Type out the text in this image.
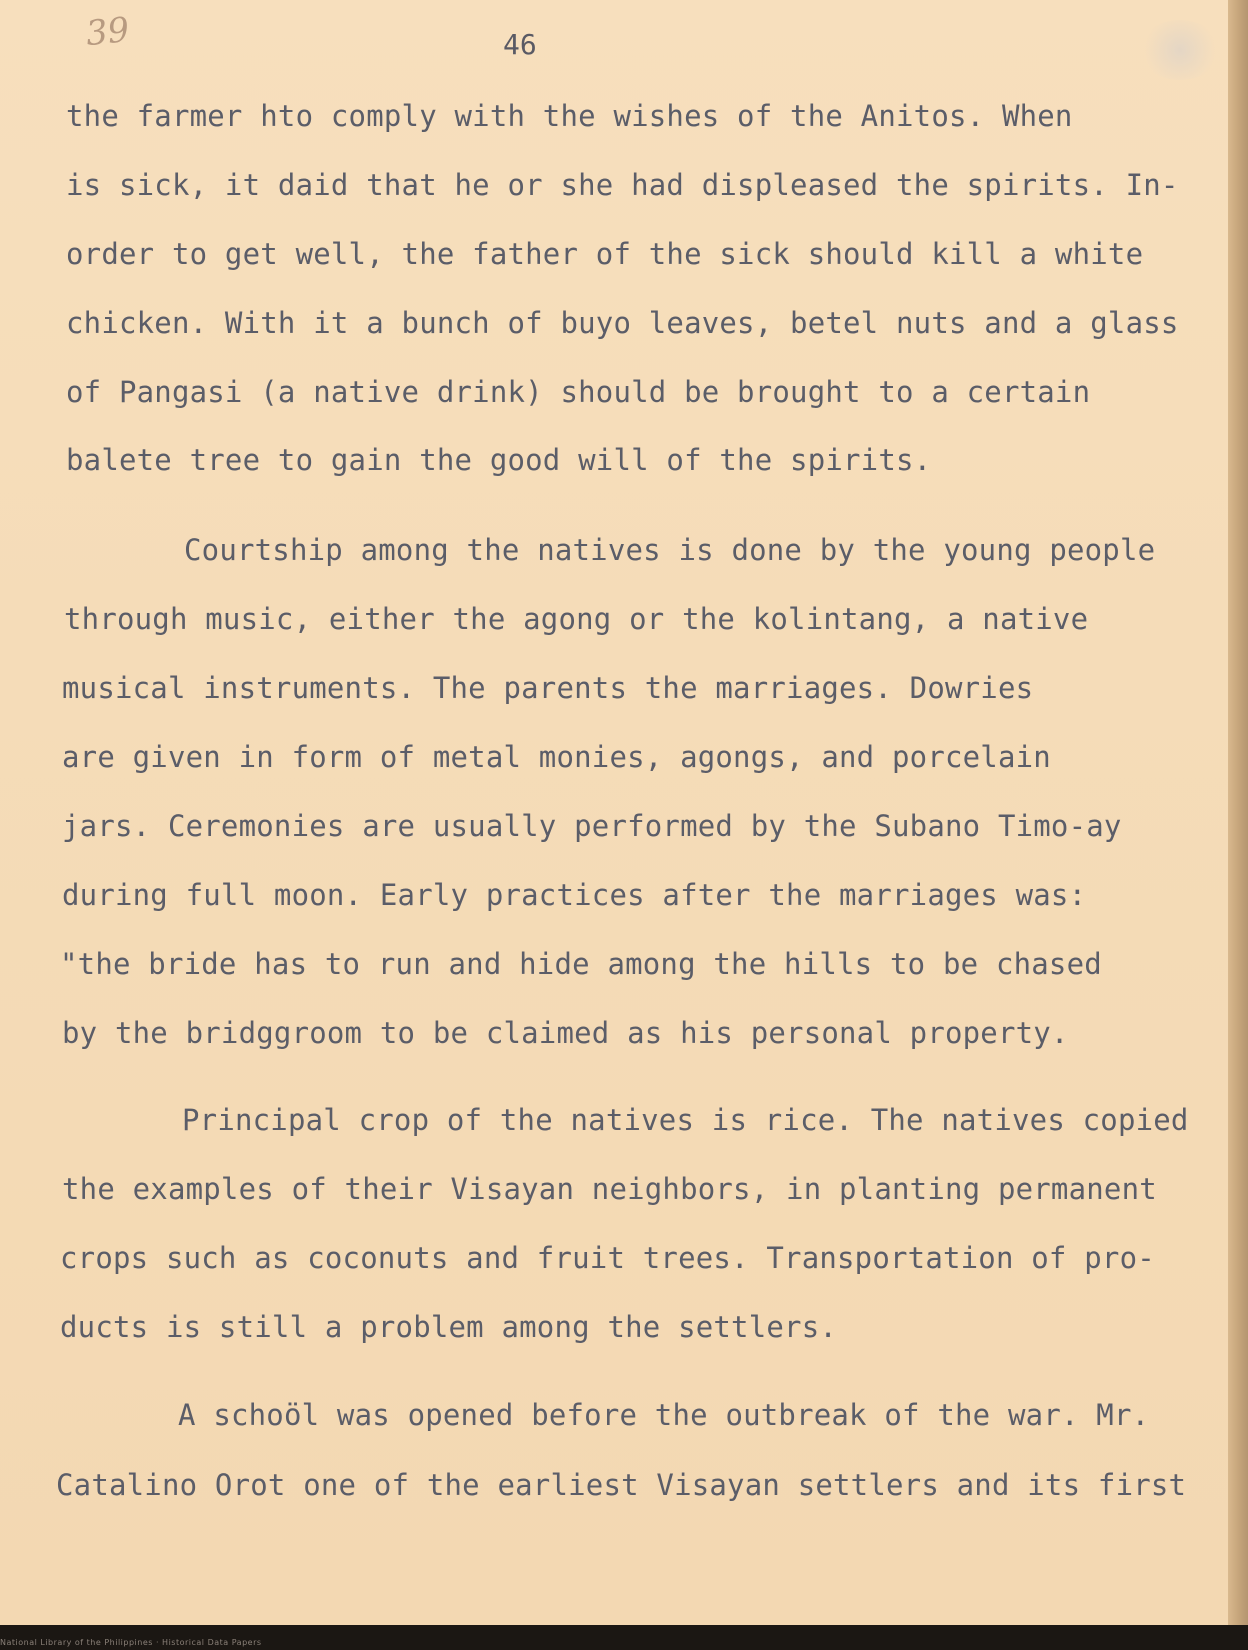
39	46
the farmer hto comply with the wishes of the Anitos. When
is sick, it daid that he or she had displeased the spirits. In-
order to get well, the father of the sick should kill a white
chicken. With it a bunch of buyo leaves, betel nuts and a glass
of Pangasi (a native drink) should be brought to a certain
balete tree to gain the good will of the spirits.
Courtship among the natives is done by the young people
through music, either the agong or the kolintang, a native
musical instruments. The parents the marriages. Dowries
are given in form of metal monies, agongs, and porcelain
jars. Ceremonies are usually performed by the Subano Timo-ay
during full moon. Early practices after the marriages was:
"the bride has to run and hide among the hills to be chased
by the bridggroom to be claimed as his personal property.
Principal crop of the natives is rice. The natives copied
the examples of their Visayan neighbors, in planting permanent
crops such as coconuts and fruit trees. Transportation of pro-
ducts is still a problem among the settlers.
A schoöl was opened before the outbreak of the war. Mr.
Catalino Orot one of the earliest Visayan settlers and its first
National Library of the Philippines · Historical Data Papers
